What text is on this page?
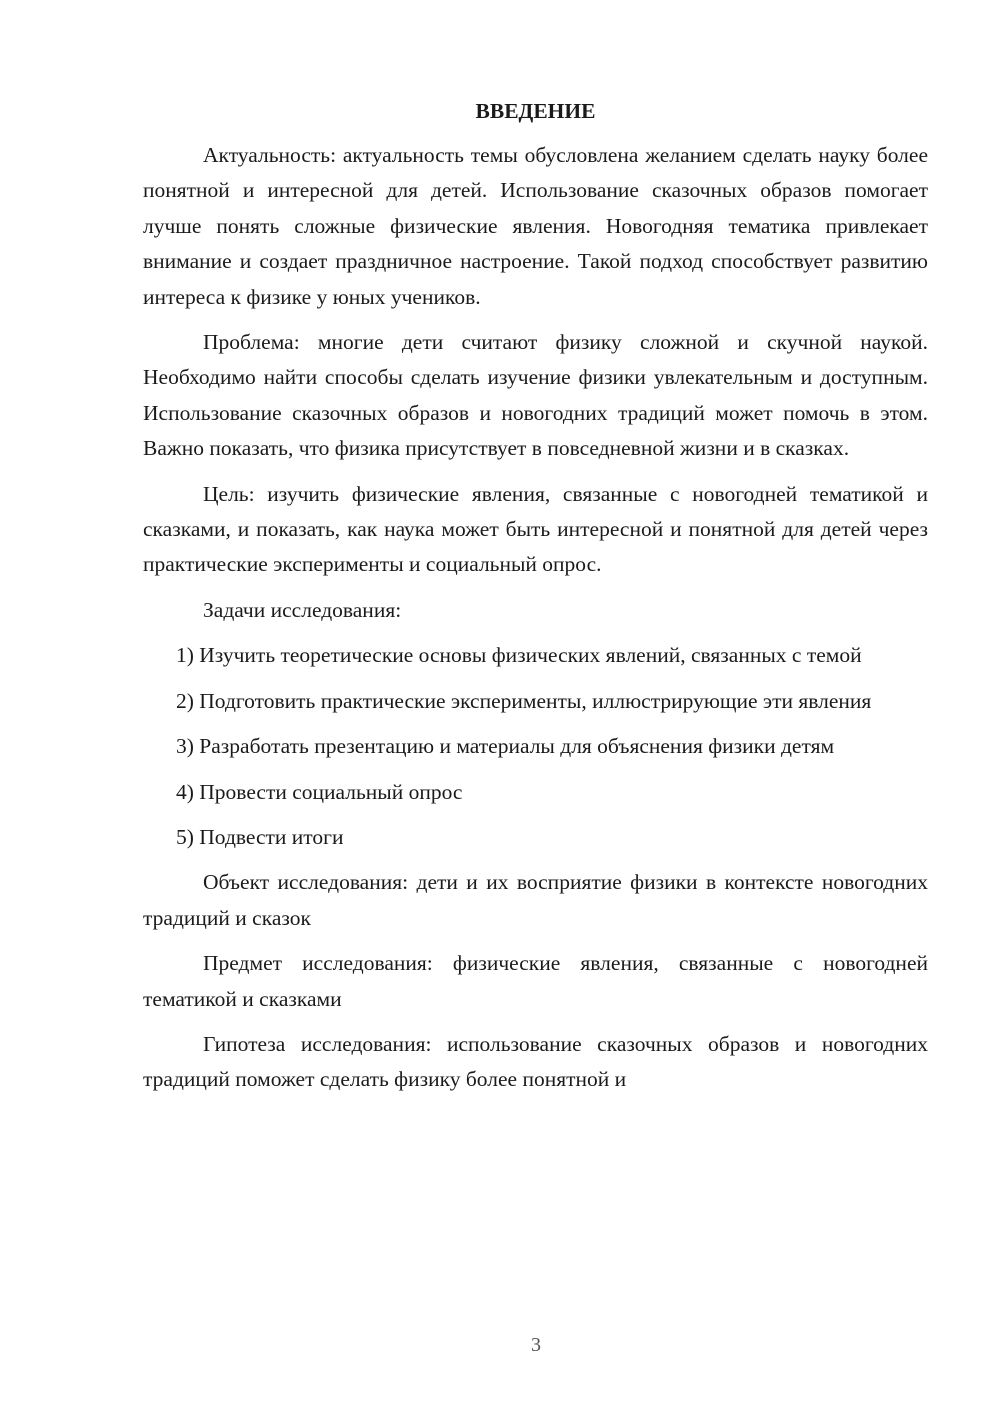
ВВЕДЕНИЕ

Актуальность: актуальность темы обусловлена желанием сделать науку более понятной и интересной для детей. Использование сказочных образов помогает лучше понять сложные физические явления. Новогодняя тематика привлекает внимание и создает праздничное настроение. Такой подход способствует развитию интереса к физике у юных учеников.

Проблема: многие дети считают физику сложной и скучной наукой. Необходимо найти способы сделать изучение физики увлекательным и доступным. Использование сказочных образов и новогодних традиций может помочь в этом. Важно показать, что физика присутствует в повседневной жизни и в сказках.

Цель: изучить физические явления, связанные с новогодней тематикой и сказками, и показать, как наука может быть интересной и понятной для детей через практические эксперименты и социальный опрос.

Задачи исследования:

1) Изучить теоретические основы физических явлений, связанных с темой

2) Подготовить практические эксперименты, иллюстрирующие эти явления

3) Разработать презентацию и материалы для объяснения физики детям

4) Провести социальный опрос

5) Подвести итоги

Объект исследования: дети и их восприятие физики в контексте новогодних традиций и сказок

Предмет исследования: физические явления, связанные с новогодней тематикой и сказками

Гипотеза исследования: использование сказочных образов и новогодних традиций поможет сделать физику более понятной и

3
